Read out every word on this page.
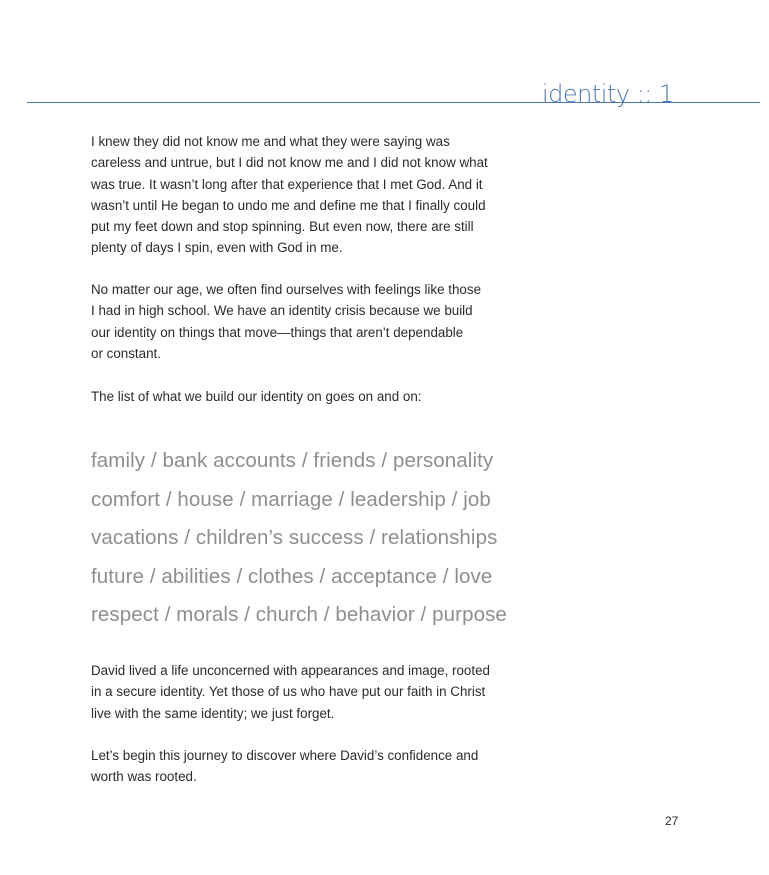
identity :: 1
I knew they did not know me and what they were saying was
careless and untrue, but I did not know me and I did not know what
was true. It wasn’t long after that experience that I met God. And it
wasn’t until He began to undo me and define me that I finally could
put my feet down and stop spinning. But even now, there are still
plenty of days I spin, even with God in me.
No matter our age, we often find ourselves with feelings like those
I had in high school. We have an identity crisis because we build
our identity on things that move—things that aren’t dependable
or constant.
The list of what we build our identity on goes on and on:
family / bank accounts / friends / personality
comfort / house / marriage / leadership / job
vacations / children’s success / relationships
future / abilities / clothes / acceptance / love
respect / morals / church / behavior / purpose
David lived a life unconcerned with appearances and image, rooted
in a secure identity. Yet those of us who have put our faith in Christ
live with the same identity; we just forget.
Let’s begin this journey to discover where David’s confidence and
worth was rooted.
27
